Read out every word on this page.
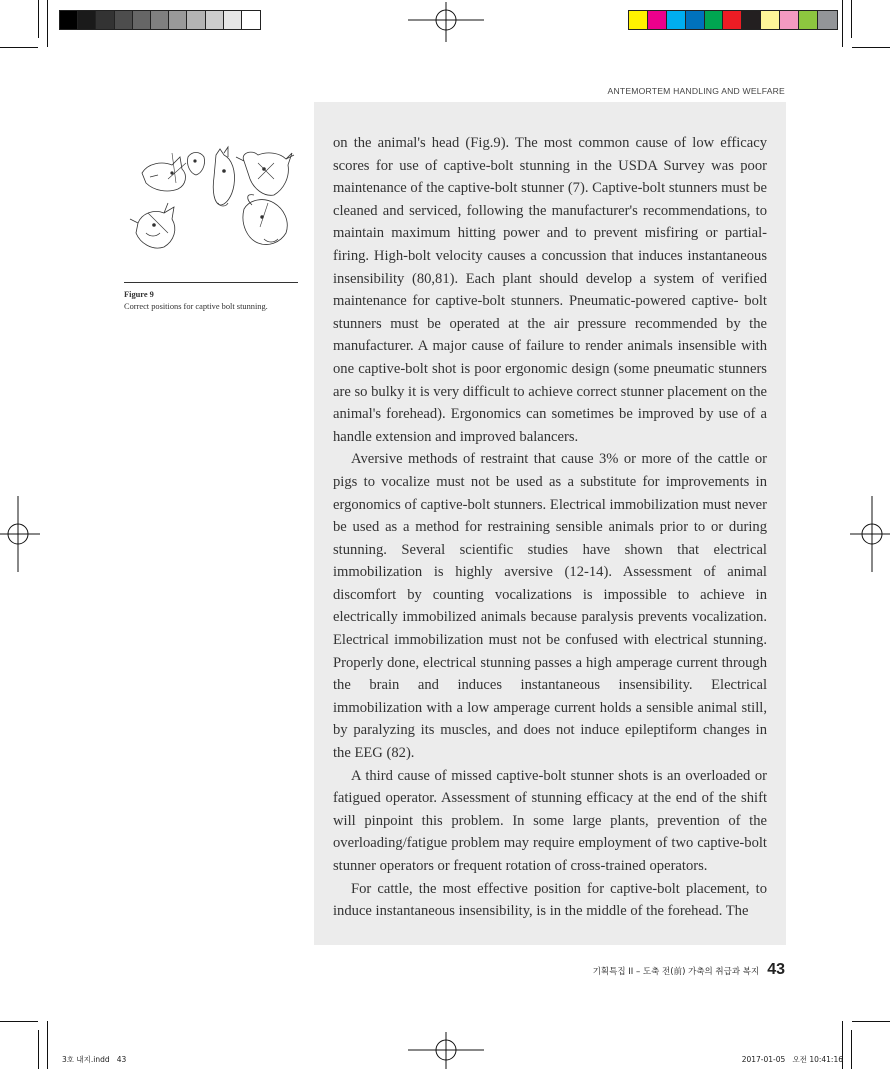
ANTEMORTEM HANDLING AND WELFARE
Figure 9
Correct positions for captive bolt stunning.

on the animal's head (Fig.9). The most common cause of low efficacy scores for use of captive-bolt stunning in the USDA Survey was poor maintenance of the captive-bolt stunner (7). Captive-bolt stunners must be cleaned and serviced, following the manufacturer's recommendations, to maintain maximum hitting power and to prevent misfiring or partial-firing. High-bolt velocity causes a concussion that induces instantaneous insensibility (80,81). Each plant should develop a system of verified maintenance for captive-bolt stunners. Pneumatic-powered captive- bolt stunners must be operated at the air pressure recommended by the manufacturer. A major cause of failure to render animals insensible with one captive-bolt shot is poor ergonomic design (some pneumatic stunners are so bulky it is very difficult to achieve correct stunner placement on the animal's forehead). Ergonomics can sometimes be improved by use of a handle extension and improved balancers.

Aversive methods of restraint that cause 3% or more of the cattle or pigs to vocalize must not be used as a substitute for improvements in ergonomics of captive-bolt stunners. Electrical immobilization must never be used as a method for restraining sensible animals prior to or during stunning. Several scientific studies have shown that electrical immobilization is highly aversive (12-14). Assessment of animal discomfort by counting vocalizations is impossible to achieve in electrically immobilized animals because paralysis prevents vocalization. Electrical immobilization must not be confused with electrical stunning. Properly done, electrical stunning passes a high amperage current through the brain and induces instantaneous insensibility. Electrical immobilization with a low amperage current holds a sensible animal still, by paralyzing its muscles, and does not induce epileptiform changes in the EEG (82).

A third cause of missed captive-bolt stunner shots is an overloaded or fatigued operator. Assessment of stunning efficacy at the end of the shift will pinpoint this problem. In some large plants, prevention of the overloading/fatigue problem may require employment of two captive-bolt stunner operators or frequent rotation of cross-trained operators.

For cattle, the most effective position for captive-bolt placement, to induce instantaneous insensibility, is in the middle of the forehead. The

기획특집 II – 도축 전(前) 가축의 취급과 복지 43
3호 내지.indd   43	2017-01-05   오전 10:41:16
